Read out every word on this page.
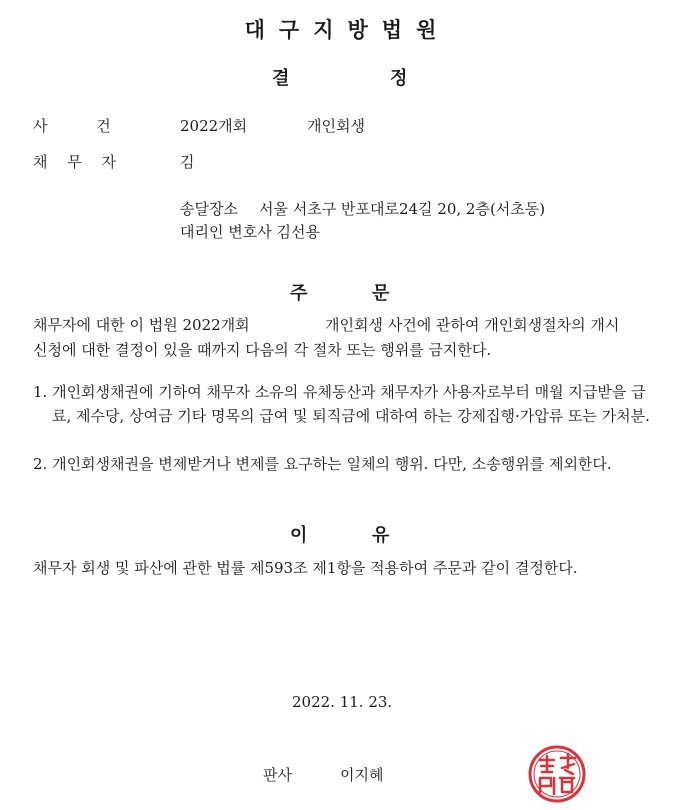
대구지방법원
결	정
사 건	2022개회	개인회생
채 무 자	김
송달장소 서울 서초구 반포대로24길 20, 2층(서초동)
대리인 변호사 김선용
주	문
채무자에 대한 이 법원 2022개회	개인회생 사건에 관하여 개인회생절차의 개시
신청에 대한 결정이 있을 때까지 다음의 각 절차 또는 행위를 금지한다.
1. 개인회생채권에 기하여 채무자 소유의 유체동산과 채무자가 사용자로부터 매월 지급받을 급료, 제수당, 상여금 기타 명목의 급여 및 퇴직금에 대하여 하는 강제집행·가압류 또는 가처분.
2. 개인회생채권을 변제받거나 변제를 요구하는 일체의 행위. 다만, 소송행위를 제외한다.
이	유
채무자 회생 및 파산에 관한 법률 제593조 제1항을 적용하여 주문과 같이 결정한다.
2022. 11. 23.
판사	이지혜
